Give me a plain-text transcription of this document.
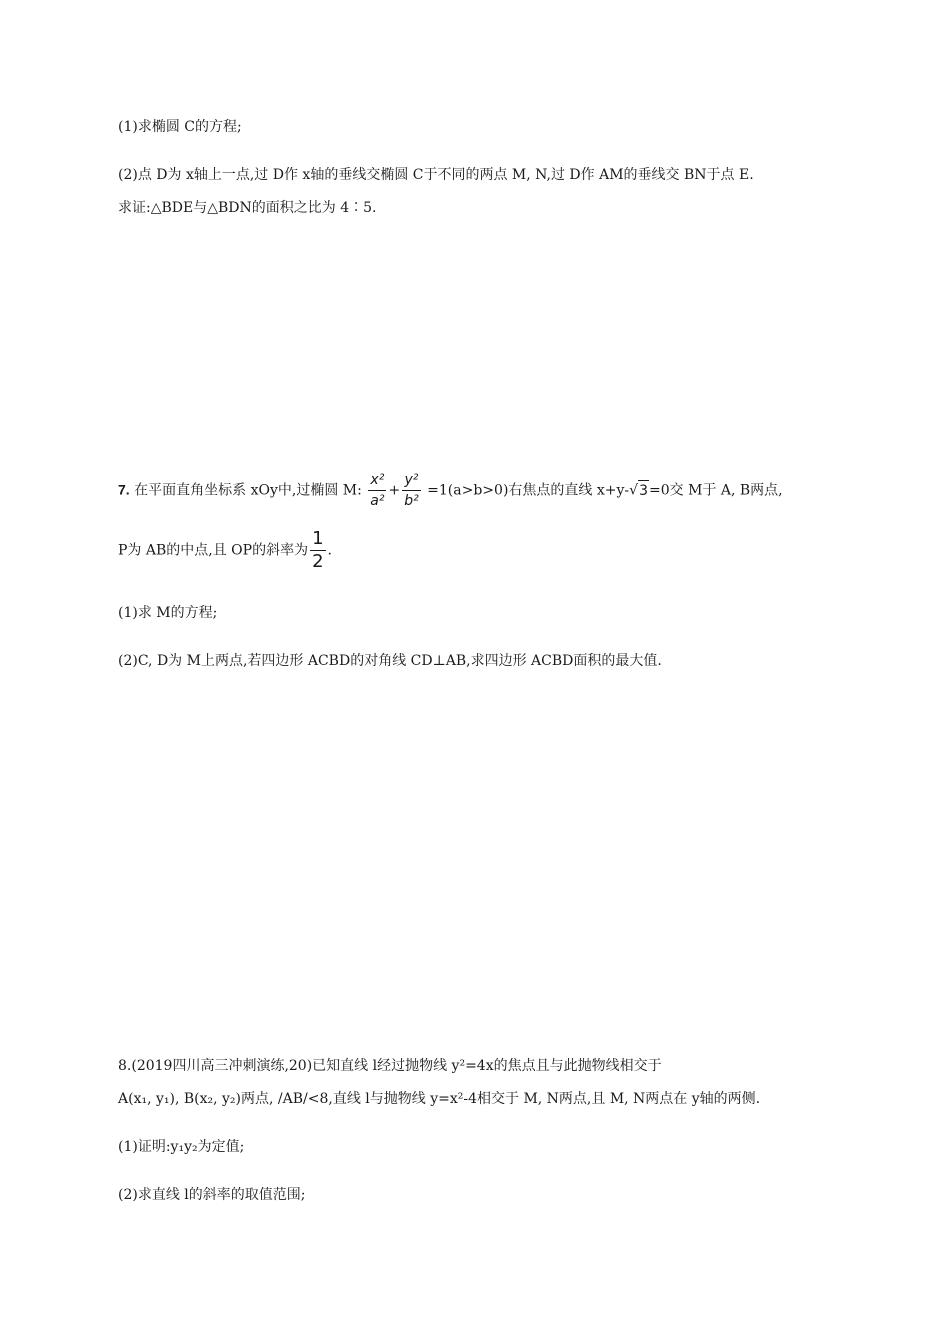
(1)求椭圆 C的方程;
(2)点 D为 x轴上一点,过 D作 x轴的垂线交椭圆 C于不同的两点 M, N,过 D作 AM的垂线交 BN于点 E.
求证:△BDE与△BDN的面积之比为 4∶5.
7. 在平面直角坐标系 xOy中,过椭圆 M: $\frac{\text{x²}}{\text{a²}} + \frac{\text{y²}}{\text{b²}} =1(a>b>0)$右焦点的直线 x+y-√3=0交 M于 A, B两点,
P为 AB的中点,且 OP的斜率为 $\frac{1}{2}$ .
(1)求 M的方程;
(2)C, D为 M上两点,若四边形 ACBD的对角线 CD⊥AB,求四边形 ACBD面积的最大值.
8.(2019四川高三冲刺演练,20)已知直线 l经过抛物线 y²=4x的焦点且与此抛物线相交于
A(x₁, y₁), B(x₂, y₂)两点, /AB/<8,直线 l与抛物线 y=x²-4相交于 M, N两点,且 M, N两点在 y轴的两侧.
(1)证明:y₁y₂为定值;
(2)求直线 l的斜率的取值范围;
